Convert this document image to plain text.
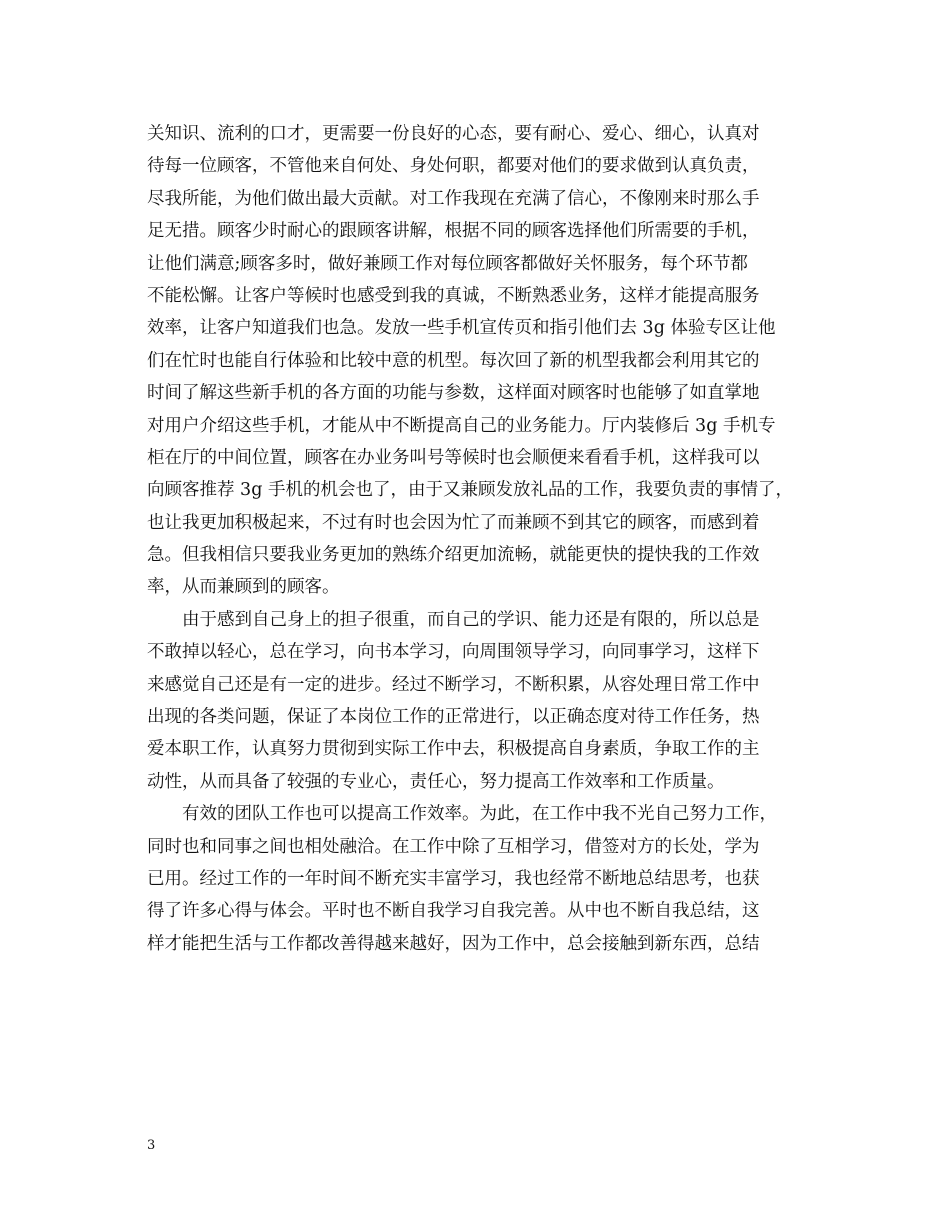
关知识、流利的口才，更需要一份良好的心态，要有耐心、爱心、细心，认真对
待每一位顾客，不管他来自何处、身处何职，都要对他们的要求做到认真负责，
尽我所能，为他们做出最大贡献。对工作我现在充满了信心，不像刚来时那么手
足无措。顾客少时耐心的跟顾客讲解，根据不同的顾客选择他们所需要的手机，
让他们满意;顾客多时，做好兼顾工作对每位顾客都做好关怀服务，每个环节都
不能松懈。让客户等候时也感受到我的真诚，不断熟悉业务，这样才能提高服务
效率，让客户知道我们也急。发放一些手机宣传页和指引他们去 3g 体验专区让他
们在忙时也能自行体验和比较中意的机型。每次回了新的机型我都会利用其它的
时间了解这些新手机的各方面的功能与参数，这样面对顾客时也能够了如直掌地
对用户介绍这些手机，才能从中不断提高自己的业务能力。厅内装修后 3g 手机专
柜在厅的中间位置，顾客在办业务叫号等候时也会顺便来看看手机，这样我可以
向顾客推荐 3g 手机的机会也了，由于又兼顾发放礼品的工作，我要负责的事情了，
也让我更加积极起来，不过有时也会因为忙了而兼顾不到其它的顾客，而感到着
急。但我相信只要我业务更加的熟练介绍更加流畅，就能更快的提快我的工作效
率，从而兼顾到的顾客。
由于感到自己身上的担子很重，而自己的学识、能力还是有限的，所以总是
不敢掉以轻心，总在学习，向书本学习，向周围领导学习，向同事学习，这样下
来感觉自己还是有一定的进步。经过不断学习，不断积累，从容处理日常工作中
出现的各类问题，保证了本岗位工作的正常进行，以正确态度对待工作任务，热
爱本职工作，认真努力贯彻到实际工作中去，积极提高自身素质，争取工作的主
动性，从而具备了较强的专业心，责任心，努力提高工作效率和工作质量。
有效的团队工作也可以提高工作效率。为此，在工作中我不光自己努力工作，
同时也和同事之间也相处融洽。在工作中除了互相学习，借签对方的长处，学为
已用。经过工作的一年时间不断充实丰富学习，我也经常不断地总结思考，也获
得了许多心得与体会。平时也不断自我学习自我完善。从中也不断自我总结，这
样才能把生活与工作都改善得越来越好，因为工作中，总会接触到新东西，总结
3
